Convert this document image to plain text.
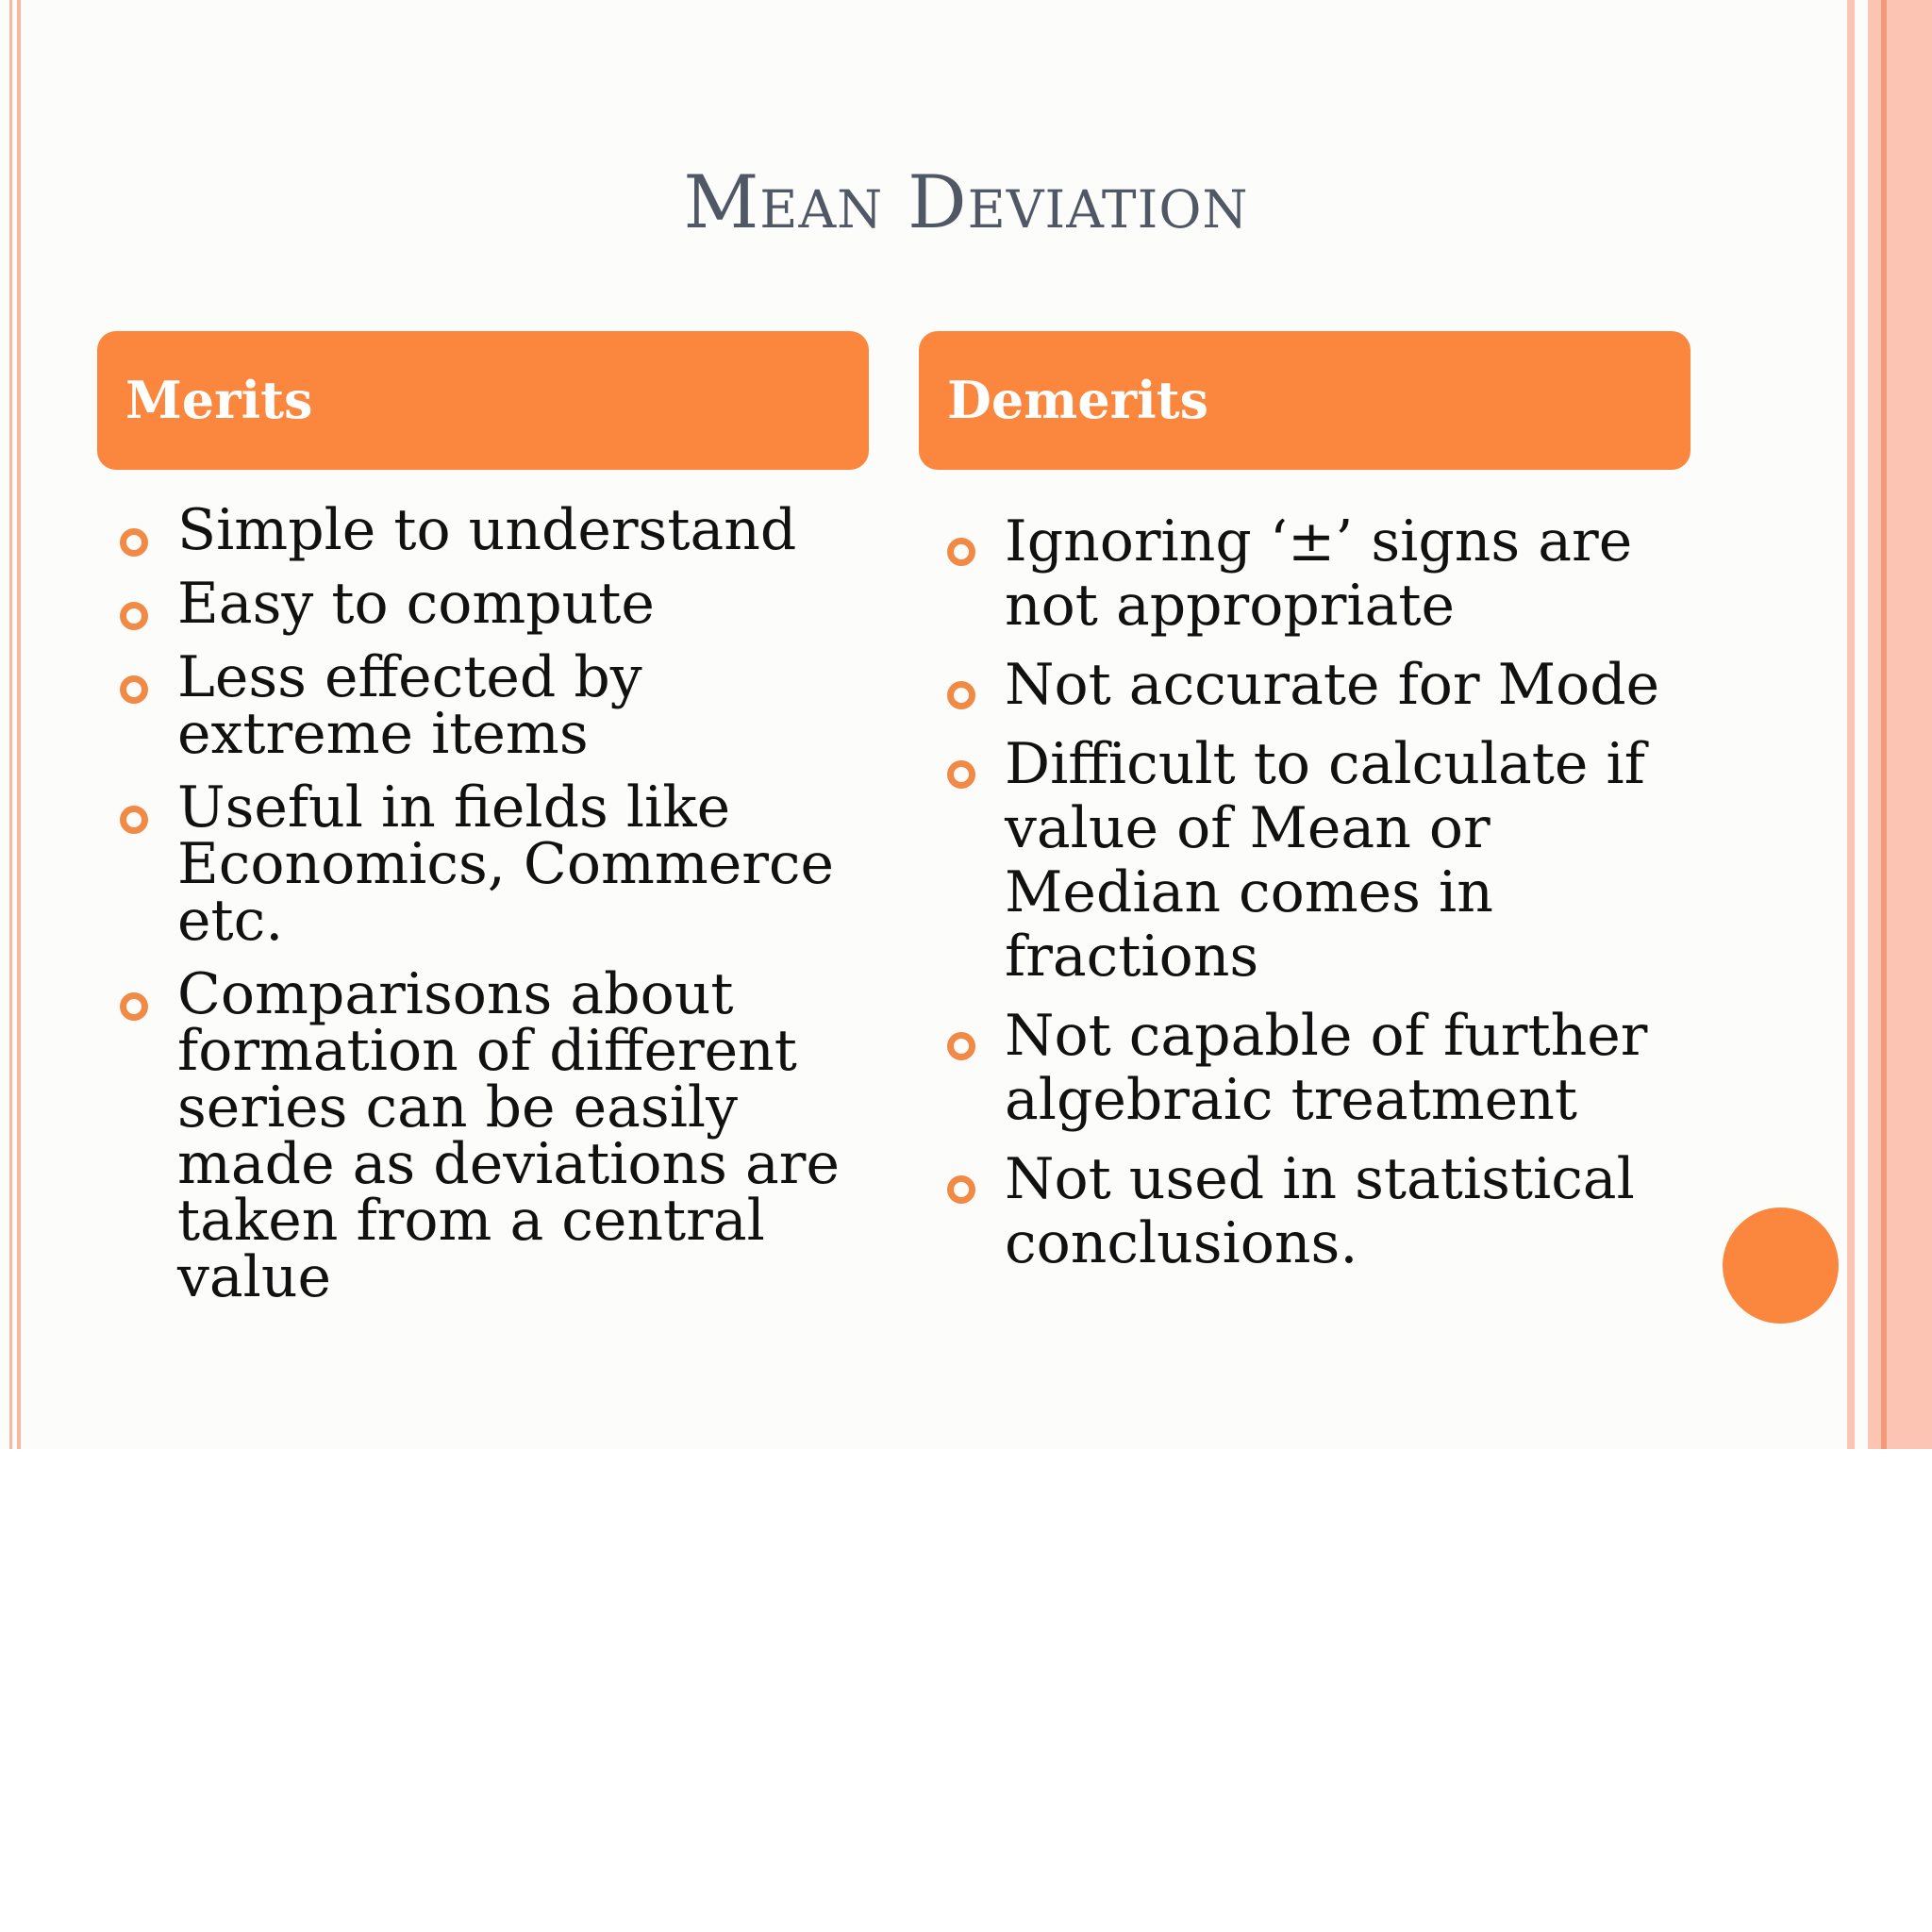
Mean Deviation
Merits	Demerits
Simple to understand
Easy to compute
Less effected by extreme items
Useful in fields like Economics, Commerce etc.
Comparisons about formation of different series can be easily made as deviations are taken from a central value
Ignoring ‘±’ signs are not appropriate
Not accurate for Mode
Difficult to calculate if value of Mean or Median comes in fractions
Not capable of further algebraic treatment
Not used in statistical conclusions.
